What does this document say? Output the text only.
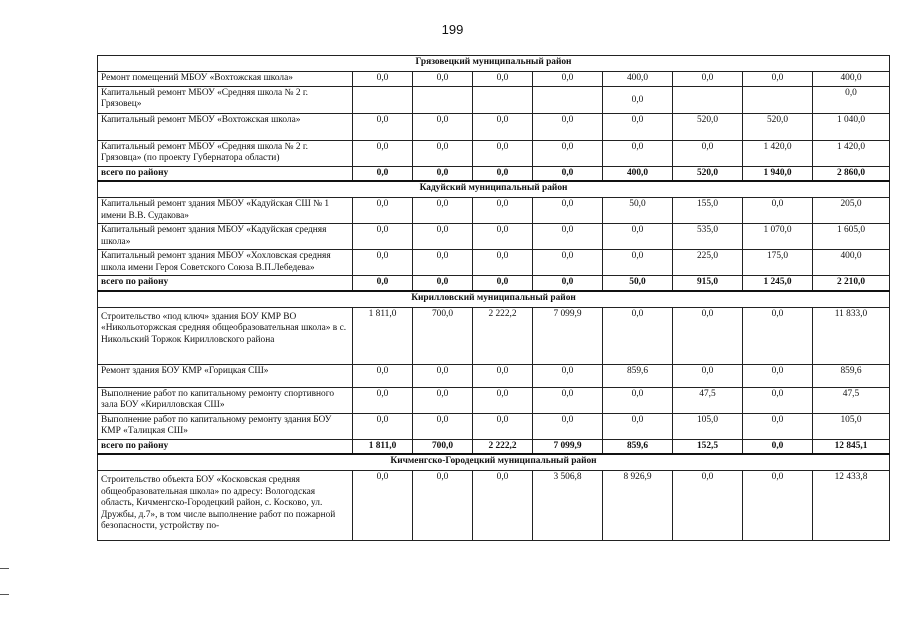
199
Грязовецкий муниципальный район								
Ремонт помещений МБОУ «Вохтожская школа»	0,0	0,0	0,0	0,0	400,0	0,0	0,0	400,0
Капитальный ремонт МБОУ «Средняя школа № 2 г. Грязовец»					0,0			0,0
Капитальный ремонт МБОУ «Вохтожская школа»	0,0	0,0	0,0	0,0	0,0	520,0	520,0	1 040,0
Капитальный ремонт МБОУ «Средняя школа № 2 г. Грязовца» (по проекту Губернатора области)	0,0	0,0	0,0	0,0	0,0	0,0	1 420,0	1 420,0
всего по району	0,0	0,0	0,0	0,0	400,0	520,0	1 940,0	2 860,0
Кадуйский муниципальный район								
Капитальный ремонт здания МБОУ «Кадуйская СШ № 1 имени В.В. Судакова»	0,0	0,0	0,0	0,0	50,0	155,0	0,0	205,0
Капитальный ремонт здания МБОУ «Кадуйская средняя школа»	0,0	0,0	0,0	0,0	0,0	535,0	1 070,0	1 605,0
Капитальный ремонт здания МБОУ «Хохловская средняя школа имени Героя Советского Союза В.П.Лебедева»	0,0	0,0	0,0	0,0	0,0	225,0	175,0	400,0
всего по району	0,0	0,0	0,0	0,0	50,0	915,0	1 245,0	2 210,0
Кирилловский муниципальный район								
Строительство «под ключ» здания БОУ КМР ВО «Никольоторжская средняя общеобразовательная школа» в с. Никольский Торжок Кирилловского района	1 811,0	700,0	2 222,2	7 099,9	0,0	0,0	0,0	11 833,0
Ремонт здания БОУ КМР «Горицкая СШ»	0,0	0,0	0,0	0,0	859,6	0,0	0,0	859,6
Выполнение работ по капитальному ремонту спортивного зала БОУ «Кирилловская СШ»	0,0	0,0	0,0	0,0	0,0	47,5	0,0	47,5
Выполнение работ по капитальному ремонту здания БОУ КМР «Талицкая СШ»	0,0	0,0	0,0	0,0	0,0	105,0	0,0	105,0
всего по району	1 811,0	700,0	2 222,2	7 099,9	859,6	152,5	0,0	12 845,1
Кичменгско-Городецкий муниципальный район								
Строительство объекта БОУ «Косковская средняя общеобразовательная школа» по адресу: Вологодская область, Кичменгско-Городецкий район, с. Косково, ул. Дружбы, д.7», в том числе выполнение работ по пожарной безопасности, устройству по-	0,0	0,0	0,0	3 506,8	8 926,9	0,0	0,0	12 433,8
